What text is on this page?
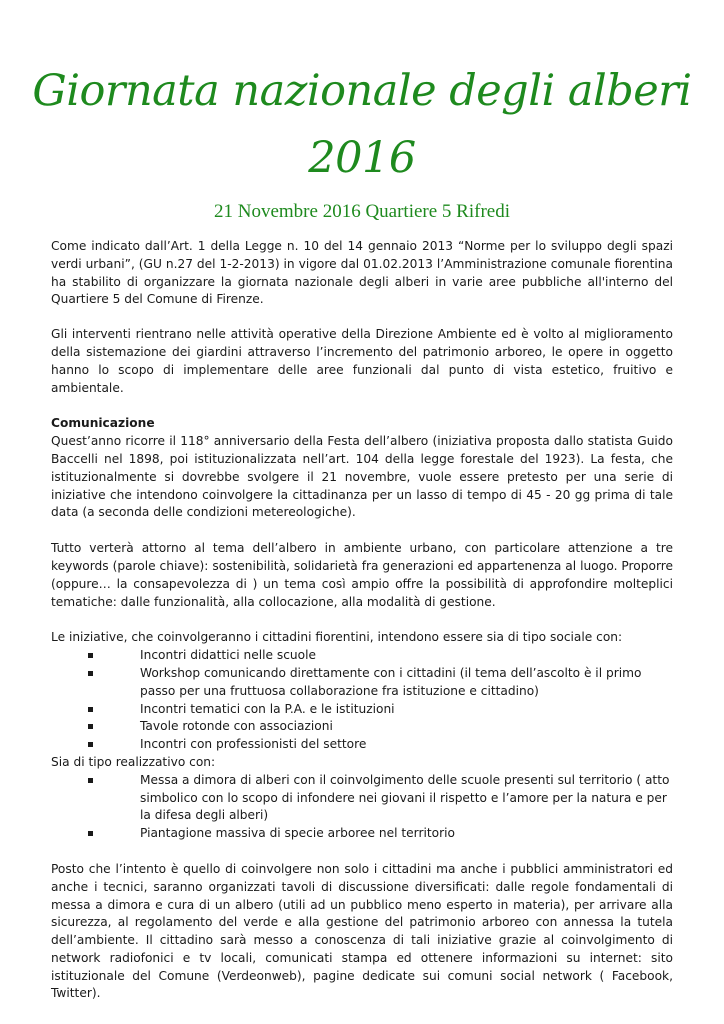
Giornata nazionale degli alberi
2016
21 Novembre 2016 Quartiere 5 Rifredi

Come indicato dall’Art. 1 della Legge n. 10 del 14 gennaio 2013 “Norme per lo sviluppo degli spazi verdi urbani”, (GU n.27 del 1-2-2013) in vigore dal 01.02.2013 l’Amministrazione comunale fiorentina ha stabilito di organizzare la giornata nazionale degli alberi in varie aree pubbliche all'interno del Quartiere 5 del Comune di Firenze.

Gli interventi rientrano nelle attività operative della Direzione Ambiente ed è volto al miglioramento della sistemazione dei giardini attraverso l’incremento del patrimonio arboreo, le opere in oggetto hanno lo scopo di implementare delle aree funzionali dal punto di vista estetico, fruitivo e ambientale.

Comunicazione

Quest’anno ricorre il 118° anniversario della Festa dell’albero (iniziativa proposta dallo statista Guido Baccelli nel 1898, poi istituzionalizzata nell’art. 104 della legge forestale del 1923). La festa, che istituzionalmente si dovrebbe svolgere il 21 novembre, vuole essere pretesto per una serie di iniziative che intendono coinvolgere la cittadinanza per un lasso di tempo di 45 - 20 gg prima di tale data (a seconda delle condizioni metereologiche).

Tutto verterà attorno al tema dell’albero in ambiente urbano, con particolare attenzione a tre keywords (parole chiave): sostenibilità, solidarietà fra generazioni ed appartenenza al luogo. Proporre (oppure… la consapevolezza di ) un tema così ampio offre la possibilità di approfondire molteplici tematiche: dalle funzionalità, alla collocazione, alla modalità di gestione.

Le iniziative, che coinvolgeranno i cittadini fiorentini, intendono essere sia di tipo sociale con:

Incontri didattici nelle scuole
Workshop comunicando direttamente con i cittadini (il tema dell’ascolto è il primo passo per una fruttuosa collaborazione fra istituzione e cittadino)
Incontri tematici con la P.A. e le istituzioni
Tavole rotonde con associazioni
Incontri con professionisti del settore

Sia di tipo realizzativo con:

Messa a dimora di alberi con il coinvolgimento delle scuole presenti sul territorio ( atto simbolico con lo scopo di infondere nei giovani il rispetto e l’amore per la natura e per la difesa degli alberi)
Piantagione massiva di specie arboree nel territorio

Posto che l’intento è quello di coinvolgere non solo i cittadini ma anche i pubblici amministratori ed anche i tecnici, saranno organizzati tavoli di discussione diversificati: dalle regole fondamentali di messa a dimora e cura di un albero (utili ad un pubblico meno esperto in materia), per arrivare alla sicurezza, al regolamento del verde e alla gestione del patrimonio arboreo con annessa la tutela dell’ambiente. Il cittadino sarà messo a conoscenza di tali iniziative grazie al coinvolgimento di network radiofonici e tv locali, comunicati stampa ed ottenere informazioni su internet: sito istituzionale del Comune (Verdeonweb), pagine dedicate sui comuni social network ( Facebook, Twitter).
